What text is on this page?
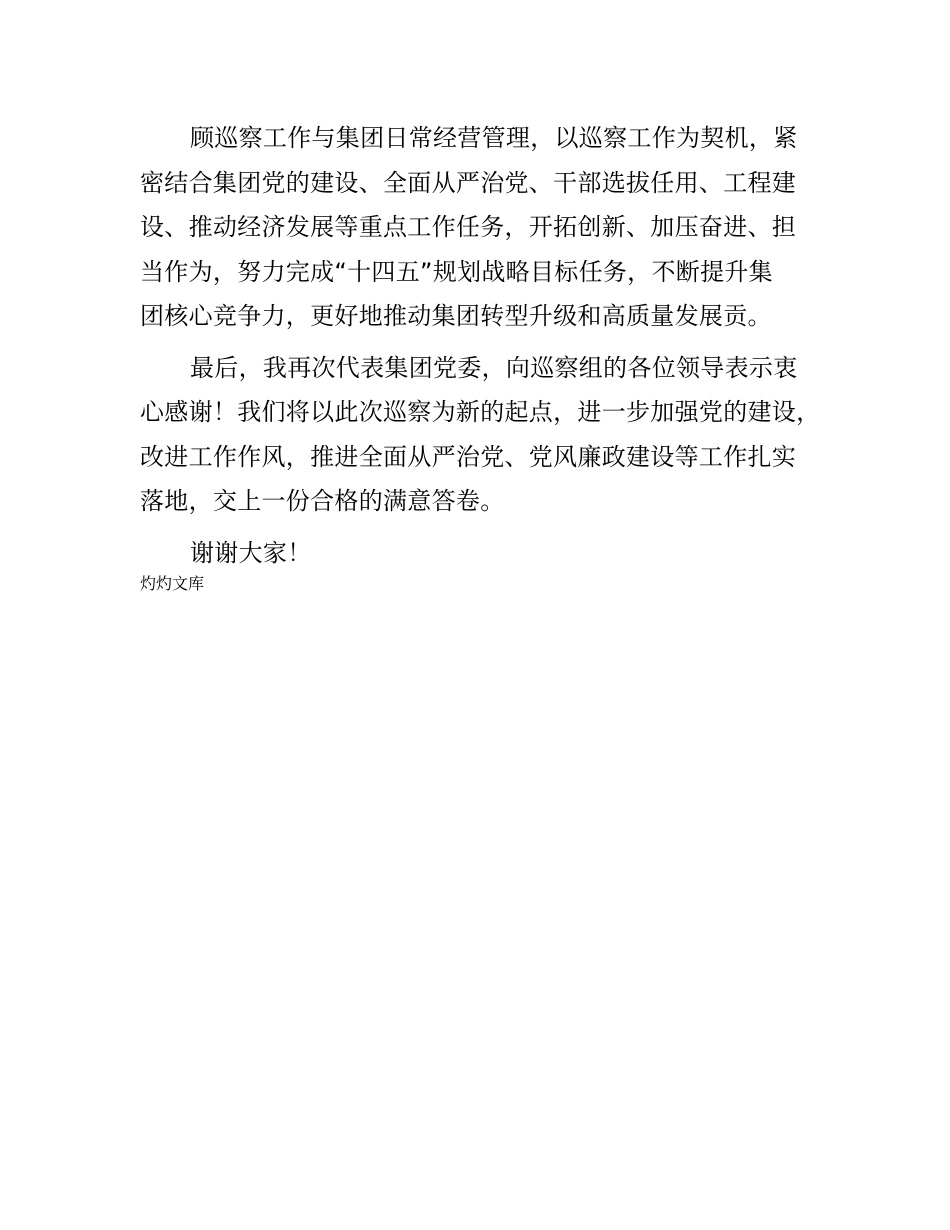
顾巡察工作与集团日常经营管理，以巡察工作为契机，紧
密结合集团党的建设、全面从严治党、干部选拔任用、工程建
设、推动经济发展等重点工作任务，开拓创新、加压奋进、担
当作为，努力完成“十四五”规划战略目标任务，不断提升集
团核心竞争力，更好地推动集团转型升级和高质量发展贡。

最后，我再次代表集团党委，向巡察组的各位领导表示衷
心感谢！我们将以此次巡察为新的起点，进一步加强党的建设，
改进工作作风，推进全面从严治党、党风廉政建设等工作扎实
落地，交上一份合格的满意答卷。

谢谢大家！

灼灼文库
